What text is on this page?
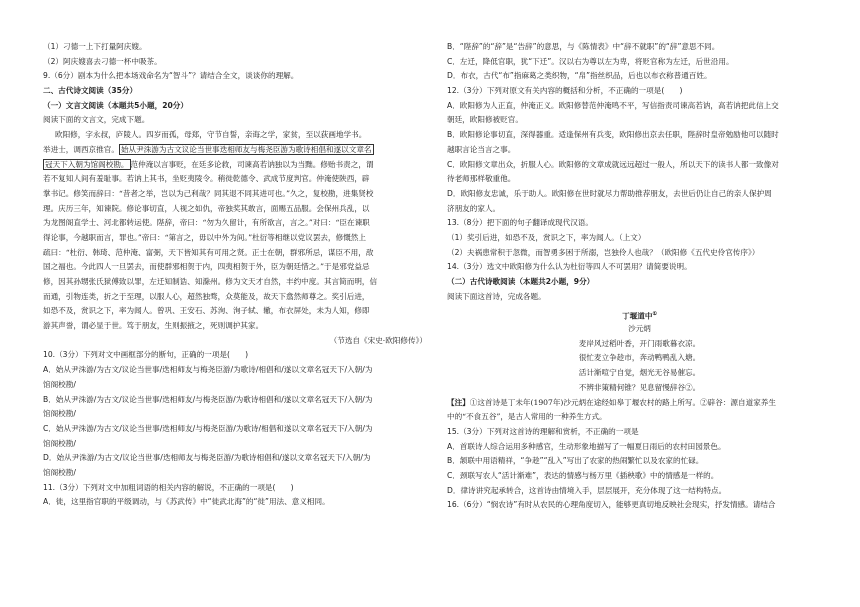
（1）刁德一上下打量阿庆嫂。
（2）阿庆嫂喜去刁德一杯中吸茶。
9.（6分）剧本为什么把本场戏命名为“智斗”？请结合全文，谈谈你的理解。
二、古代诗文阅读（35分）
（一）文言文阅读（本题共5小题，20分）
阅读下面的文言文，完成下题。
欧阳修，字永叔，庐陵人。四岁而孤，母郑，守节自誓，亲诲之学，家贫，至以荻画地学书。
举进士，调西京推官。 始从尹洙游为古文议论当世事迭相师友与梅尧臣游为歌诗相倡和遂以文章名
冠天下入朝为馆阁校勘。 范仲淹以言事贬，在廷多论救，司谏高若讷独以为当黜。修贻书责之，谓
若不复知人间有羞耻事。若讷上其书，坐贬夷陵令。稍徙乾德令、武成节度判官。仲淹使陕西，辟
掌书记。修笑而辞曰：“昔者之举，岂以为己利哉？同其退不同其进可也。”久之，复校勘，进集贤校
理。庆历三年，知谏院。修论事切直，人视之如仇，帝独奖其敢言，面赐五品服。会保州兵乱，以
为龙图阁直学士、河北都转运使。陛辞，帝曰：“勿为久留计，有所欲言，言之。”对曰：“臣在谏职
得论事，今越职而言，罪也。”帝曰：“第言之，毋以中外为间。”杜衍等相继以党议罢去，修慨然上
疏曰：“杜衍、韩琦、范仲淹、富弼，天下皆知其有可用之贤。正士在朝，群邪所忌，谋臣不用，敌
国之福也。今此四人一旦罢去，而使群邪相贺于内，四夷相贺于外，臣为朝廷惜之。”于是邪党益忌
修，因其孙甥张氏狱傅致以罪，左迁知制诰、知滁州。修为文天才自然，丰约中度。其言简而明，信
而通，引物连类，折之于至理，以服人心，超然独骛，众莫能及，故天下翕然师尊之。奖引后进，
如恐不及，赏识之下，率为闻人。曾巩、王安石、苏洵、洵子轼、辙，布衣屏处，未为人知，修即
游其声誉，谓必显于世。笃于朋友，生则振掖之，死则调护其家。
（节选自《宋史·欧阳修传》）
10.（3分）下列对文中画框部分的断句，正确的一项是(　　)
A．始从尹洙游/为古文/议论当世事/迭相师友与梅尧臣游/为歌诗/相倡和/遂以文章名冠天下/入朝/为
馆阁校勘/
B．始从尹洙游/为古文/议论当世事/迭相师友/与梅尧臣游/为歌诗相倡和/遂以文章名冠天下/入朝/为
馆阁校勘/
C．始从尹洙游/为古文/议论当世事/迭相师友/与梅尧臣游/为歌诗/相倡和遂以文章名冠天下/入朝/为
馆阁校勘/
D．始从尹洙游/为古文/议论当世事/迭相师友与梅尧臣游/为歌诗相倡和/遂以文章名冠天下/入朝/为
馆阁校勘/
11.（3分）下列对文中加粗词语的相关内容的解说，不正确的一项是(　　)
A．徙，这里指官职的平级调动，与《苏武传》中“徙武北海”的“徙”用法、意义相同。
B．“陛辞”的“辞”是“告辞”的意思，与《陈情表》中“辞不就职”的“辞”意思不同。
C．左迁，降低官职，犹“下迁”。汉以右为尊以左为卑，将贬官称为左迁，后世沿用。
D．布衣，古代“布”指麻葛之类织物，“帛”指丝织品，后也以布衣称普通百姓。
12.（3分）下列对原文有关内容的概括和分析，不正确的一项是(　　)
A．欧阳修为人正直，仲淹正义。欧阳修替范仲淹鸣不平，写信指责司谏高若讷，高若讷把此信上交
朝廷，欧阳修被贬官。
B．欧阳修论事切直，深得器重。适逢保州有兵变，欧阳修出京去任职，陛辞时皇帝勉励他可以随时
越职言论当言之事。
C．欧阳修文章出众，折服人心。欧阳修的文章成就远远超过一般人，所以天下的读书人都一致像对
待老师那样敬重他。
D．欧阳修友忠诚，乐于助人。欧阳修在世时就尽力帮助推荐朋友，去世后仍让自己的亲人保护周
济朋友的家人。
13.（8分）把下面的句子翻译成现代汉语。
（1）奖引后进，如恐不及，赏识之下，率为闻人。（上文）
（2）夫祸患常积于忽微，而智勇多困于所溺，岂独伶人也哉？（欧阳修《五代史伶官传序》）
14.（3分）选文中欧阳修为什么认为杜衍等四人不可罢用？请简要说明。
（二）古代诗歌阅读（本题共2小题，9分）
阅读下面这首诗，完成各题。
丁堰道中①
沙元炳
麦岸风过稻叶香，开门雨歌暮衣凉。
很忙麦立争趁市，奔动鸭鸭乱入塘。
活计渐喧宁自觉，烟光无谷易催忘。
不辨非策精何锥？见息留慢辞谷②。
【注】①这首诗是丁未年(1907年)沙元炳在途经如皋丁堰农村的路上所写。②辟谷：源自道家养生
中的“不食五谷”，是古人常用的一种养生方式。
15.（3分）下列对这首诗的理解和赏析，不正确的一项是
A．首联诗人综合运用多种感官，生动形象地描写了一幅夏日雨后的农村田园景色。
B．颔联中用语精祥，“争趁”“乱入”写出了农家的热闹繁忙以及农家的忙碌。
C．颈联写农人“活计渐难”，表达的情感与杨万里《插秧歌》中的情感是一样的。
D．律诗讲究起承转合，这首诗由情境入手，层层展开，充分体现了这一结构特点。
16.（6分）“悯农诗”有时从农民的心理角度切入，能够更真切地反映社会现实，抒发情感。请结合
